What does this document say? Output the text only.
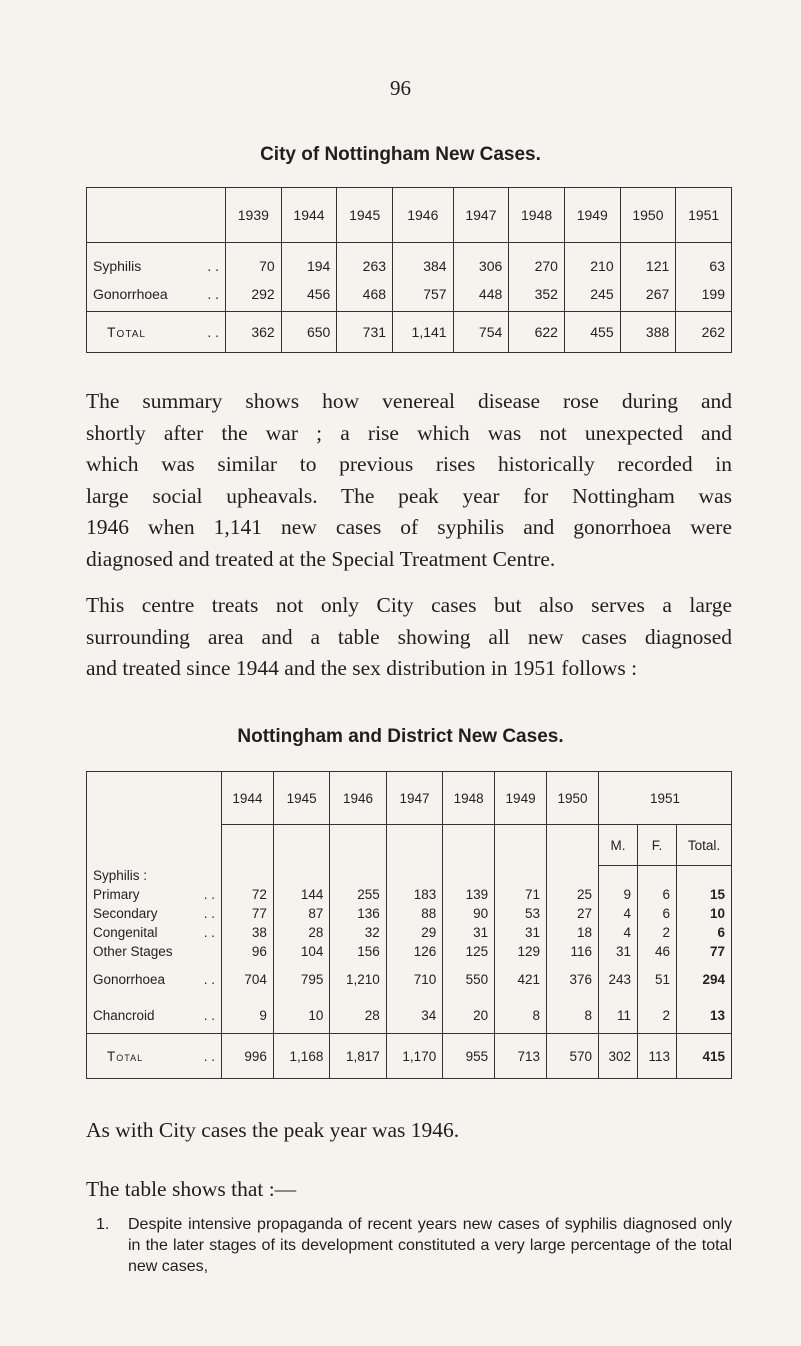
96
City of Nottingham New Cases.
	1939	1944	1945	1946	1947	1948	1949	1950	1951
Syphilis . .	70	194	263	384	306	270	210	121	63
Gonorrhoea . .	292	456	468	757	448	352	245	267	199
Total . .	362	650	731	1,141	754	622	455	388	262
The summary shows how venereal disease rose during and
shortly after the war ; a rise which was not unexpected and
which was similar to previous rises historically recorded in
large social upheavals. The peak year for Nottingham was
1946 when 1,141 new cases of syphilis and gonorrhoea were
diagnosed and treated at the Special Treatment Centre.
This centre treats not only City cases but also serves a large
surrounding area and a table showing all new cases diagnosed
and treated since 1944 and the sex distribution in 1951 follows :
Nottingham and District New Cases.
	1944	1945	1946	1947	1948	1949	1950	1951		
								M.	F.	Total.
Syphilis :										
Primary . .	72	144	255	183	139	71	25	9	6	15
Secondary . .	77	87	136	88	90	53	27	4	6	10
Congenital . .	38	28	32	29	31	31	18	4	2	6
Other Stages	96	104	156	126	125	129	116	31	46	77
Gonorrhoea . .	704	795	1,210	710	550	421	376	243	51	294
Chancroid . .	9	10	28	34	20	8	8	11	2	13
Total . .	996	1,168	1,817	1,170	955	713	570	302	113	415
As with City cases the peak year was 1946.
The table shows that :—
1. Despite intensive propaganda of recent years new cases of syphilis diagnosed only in the later stages of its development constituted a very large percentage of the total new cases,
